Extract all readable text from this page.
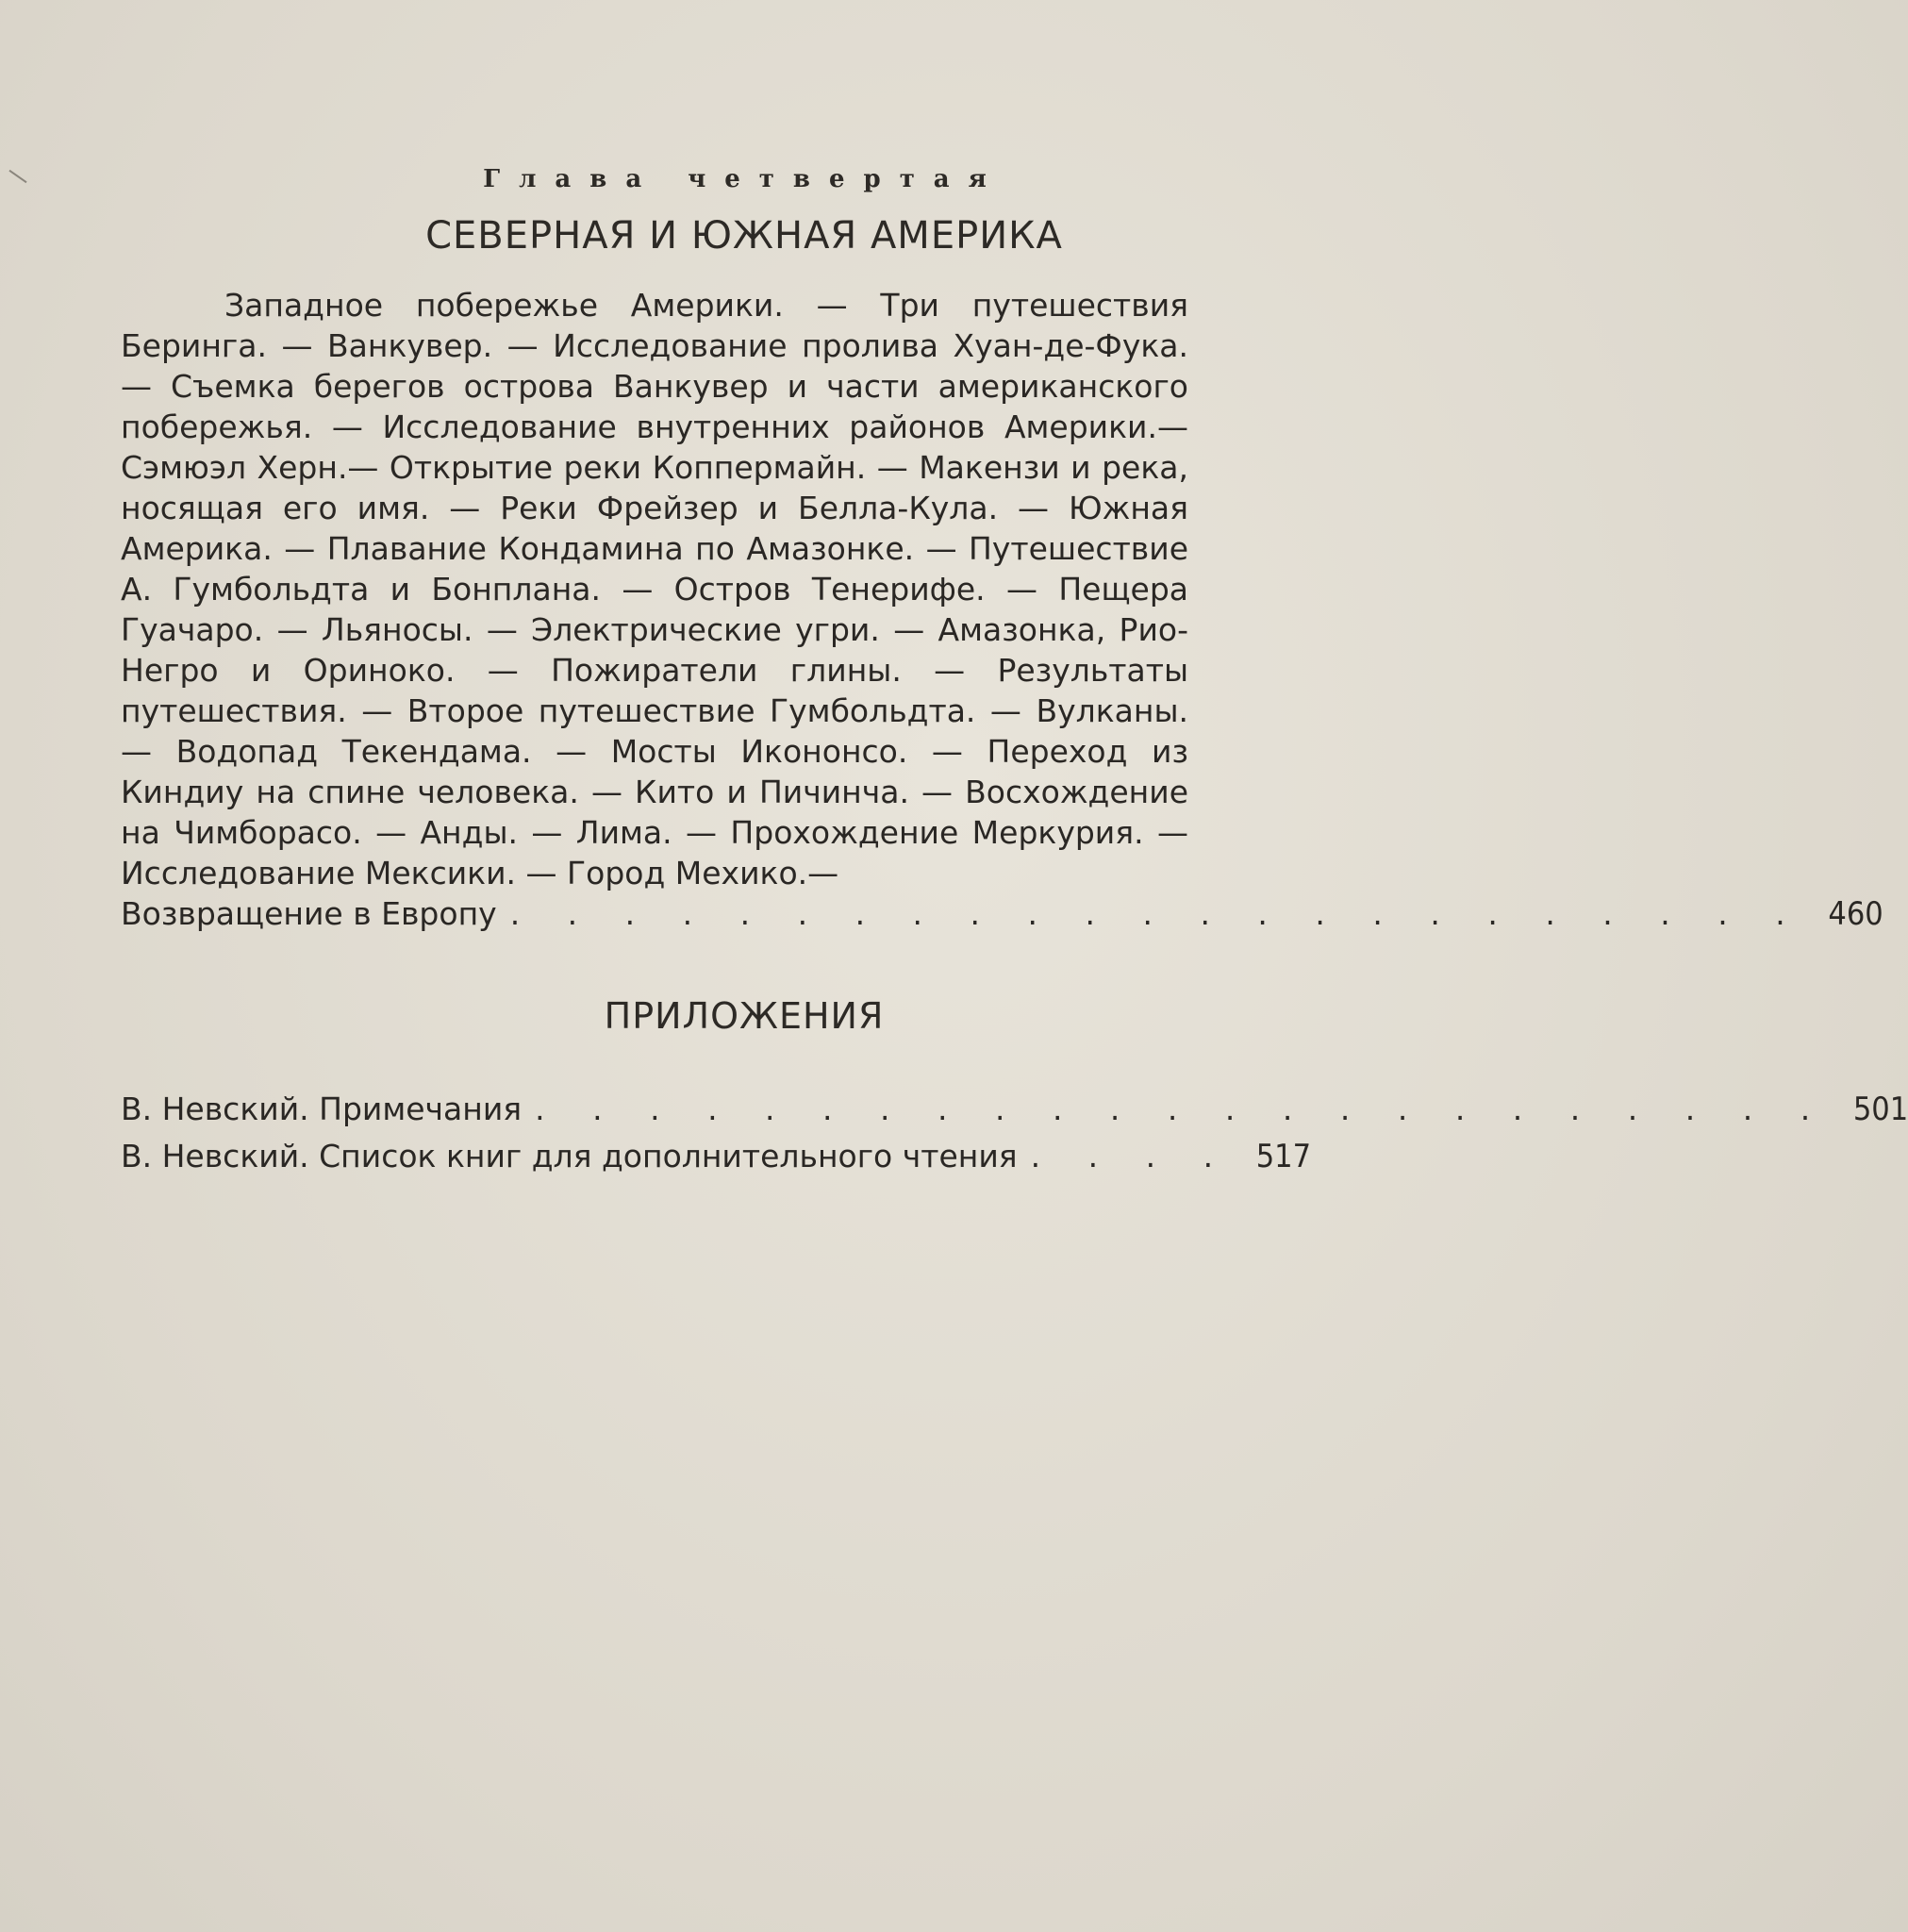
Глава четвертая
СЕВЕРНАЯ И ЮЖНАЯ АМЕРИКА
Западное побережье Америки. — Три путешествия Беринга. — Ванкувер. — Исследование пролива Хуан-де-Фука. — Съемка берегов острова Ванкувер и части американского побережья. — Исследование внутренних районов Америки.— Сэмюэл Херн.— Открытие реки Коппермайн. — Макензи и река, носящая его имя. — Реки Фрейзер и Белла-Кула. — Южная Америка. — Плавание Кондамина по Амазонке. — Путешествие А. Гумбольдта и Бонплана. — Остров Тенерифе. — Пещера Гуачаро. — Льяносы. — Электрические угри. — Амазонка, Рио-Негро и Ориноко. — Пожиратели глины. — Результаты путешествия. — Второе путешествие Гумбольдта. — Вулканы.— Водопад Текендама. — Мосты Икононсо. — Переход из Киндиу на спине человека. — Кито и Пичинча. — Восхождение на Чимборасо. — Анды. — Лима. — Прохождение Меркурия. — Исследование Мексики. — Город Мехико.—
Возвращение в Европу . . . . . . . . . . . . . . . . . . . . . . . 460
ПРИЛОЖЕНИЯ
В. Невский. Примечания . . . . . . . . . . . . . . . . . . . . . . . 501
В. Невский. Список книг для дополнительного чтения . . . . 517
